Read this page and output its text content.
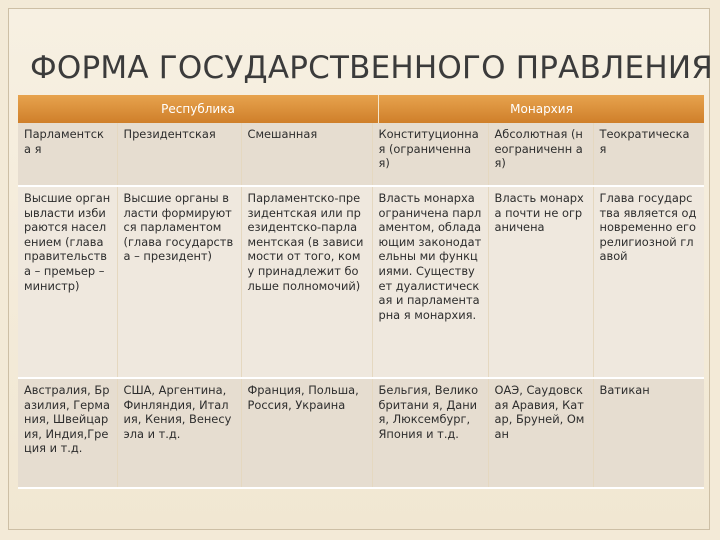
ФОРМА ГОСУДАРСТВЕННОГО ПРАВЛЕНИЯ
Республика	Монархия
Парламентска я	Президентская	Смешанная	Конституционна я (ограниченная)	Абсолютная (неограниченн ая)	Теократическа я
Высшие органывласти избираются населением (глава правительства – премьер – министр)	Высшие органы власти формируются парламентом (глава государства – президент)	Парламентско-президентская или президентско-парламентская (в зависимости от того, кому принадлежит больше полномочий)	Власть монарха ограничена парламентом, обладающим законодательны ми функциями. Существует дуалистическая и парламентарна я монархия.	Власть монарха почти не ограничена	Глава государства является одновременно его религиозной главой
Австралия, Бразилия, Германия, Швейцария, Индия,Греция и т.д.	США, Аргентина, Финляндия, Италия, Кения, Венесуэла и т.д.	Франция, Польша, Россия, Украина	Бельгия, Великобритани я, Дания, Люксембург, Япония и т.д.	ОАЭ, Саудовская Аравия, Катар, Бруней, Оман	Ватикан
